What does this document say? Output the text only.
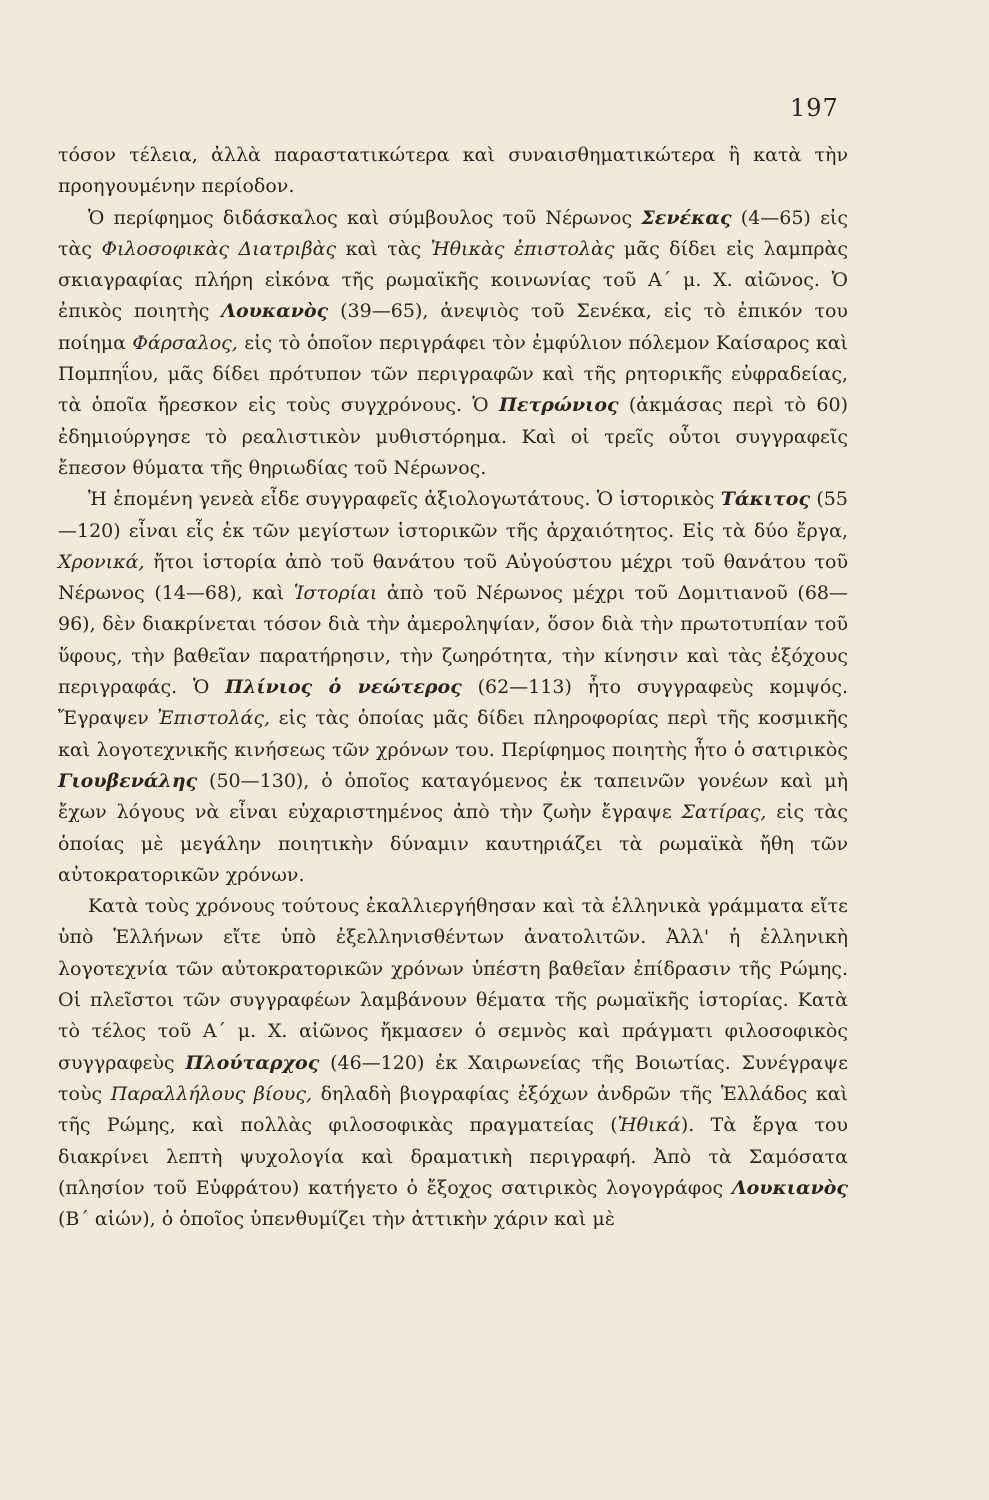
197

τόσον τέλεια, ἀλλὰ παραστατικώτερα καὶ συναισθηματικώτερα ἢ κατὰ τὴν προηγουμένην περίοδον.

Ὁ περίφημος διδάσκαλος καὶ σύμβουλος τοῦ Νέρωνος Σενέκας (4—65) εἰς τὰς Φιλοσοφικὰς Διατριβὰς καὶ τὰς Ἠθικὰς ἐπιστολὰς μᾶς δίδει εἰς λαμπρὰς σκιαγραφίας πλήρη εἰκόνα τῆς ρωμαϊκῆς κοινωνίας τοῦ Α΄ μ. Χ. αἰῶνος. Ὁ ἐπικὸς ποιητὴς Λουκανὸς (39—65), ἀνεψιὸς τοῦ Σενέκα, εἰς τὸ ἐπικόν του ποίημα Φάρσαλος, εἰς τὸ ὁποῖον περιγράφει τὸν ἐμφύλιον πόλεμον Καίσαρος καὶ Πομπηΐου, μᾶς δίδει πρότυπον τῶν περιγραφῶν καὶ τῆς ρητορικῆς εὐφραδείας, τὰ ὁποῖα ἤρεσκον εἰς τοὺς συγχρόνους. Ὁ Πετρώνιος (ἀκμάσας περὶ τὸ 60) ἐδημιούργησε τὸ ρεαλιστικὸν μυθιστόρημα. Καὶ οἱ τρεῖς οὗτοι συγγραφεῖς ἔπεσον θύματα τῆς θηριωδίας τοῦ Νέρωνος.

Ἡ ἑπομένη γενεὰ εἶδε συγγραφεῖς ἀξιολογωτάτους. Ὁ ἱστορικὸς Τάκιτος (55—120) εἶναι εἷς ἐκ τῶν μεγίστων ἱστορικῶν τῆς ἀρχαιότητος. Εἰς τὰ δύο ἔργα, Χρονικά, ἤτοι ἱστορία ἀπὸ τοῦ θανάτου τοῦ Αὐγούστου μέχρι τοῦ θανάτου τοῦ Νέρωνος (14—68), καὶ Ἱστορίαι ἀπὸ τοῦ Νέρωνος μέχρι τοῦ Δομιτιανοῦ (68—96), δὲν διακρίνεται τόσον διὰ τὴν ἀμεροληψίαν, ὅσον διὰ τὴν πρωτοτυπίαν τοῦ ὕφους, τὴν βαθεῖαν παρατήρησιν, τὴν ζωηρότητα, τὴν κίνησιν καὶ τὰς ἐξόχους περιγραφάς. Ὁ Πλίνιος ὁ νεώτερος (62—113) ἦτο συγγραφεὺς κομψός. Ἔγραψεν Ἐπιστολάς, εἰς τὰς ὁποίας μᾶς δίδει πληροφορίας περὶ τῆς κοσμικῆς καὶ λογοτεχνικῆς κινήσεως τῶν χρόνων του. Περίφημος ποιητὴς ἦτο ὁ σατιρικὸς Γιουβενάλης (50—130), ὁ ὁποῖος καταγόμενος ἐκ ταπεινῶν γονέων καὶ μὴ ἔχων λόγους νὰ εἶναι εὐχαριστημένος ἀπὸ τὴν ζωὴν ἔγραψε Σατίρας, εἰς τὰς ὁποίας μὲ μεγάλην ποιητικὴν δύναμιν καυτηριάζει τὰ ρωμαϊκὰ ἤθη τῶν αὐτοκρατορικῶν χρόνων.

Κατὰ τοὺς χρόνους τούτους ἐκαλλιεργήθησαν καὶ τὰ ἑλληνικὰ γράμματα εἴτε ὑπὸ Ἑλλήνων εἴτε ὑπὸ ἐξελληνισθέντων ἀνατολιτῶν. Ἀλλ' ἡ ἑλληνικὴ λογοτεχνία τῶν αὐτοκρατορικῶν χρόνων ὑπέστη βαθεῖαν ἐπίδρασιν τῆς Ρώμης. Οἱ πλεῖστοι τῶν συγγραφέων λαμβάνουν θέματα τῆς ρωμαϊκῆς ἱστορίας. Κατὰ τὸ τέλος τοῦ Α΄ μ. Χ. αἰῶνος ἤκμασεν ὁ σεμνὸς καὶ πράγματι φιλοσοφικὸς συγγραφεὺς Πλούταρχος (46—120) ἐκ Χαιρωνείας τῆς Βοιωτίας. Συνέγραψε τοὺς Παραλλήλους βίους, δηλαδὴ βιογραφίας ἐξόχων ἀνδρῶν τῆς Ἑλλάδος καὶ τῆς Ρώμης, καὶ πολλὰς φιλοσοφικὰς πραγματείας (Ἠθικά). Τὰ ἔργα του διακρίνει λεπτὴ ψυχολογία καὶ δραματικὴ περιγραφή. Ἀπὸ τὰ Σαμόσατα (πλησίον τοῦ Εὐφράτου) κατήγετο ὁ ἔξοχος σατιρικὸς λογογράφος Λουκιανὸς (Β΄ αἰών), ὁ ὁποῖος ὑπενθυμίζει τὴν ἀττικὴν χάριν καὶ μὲ
